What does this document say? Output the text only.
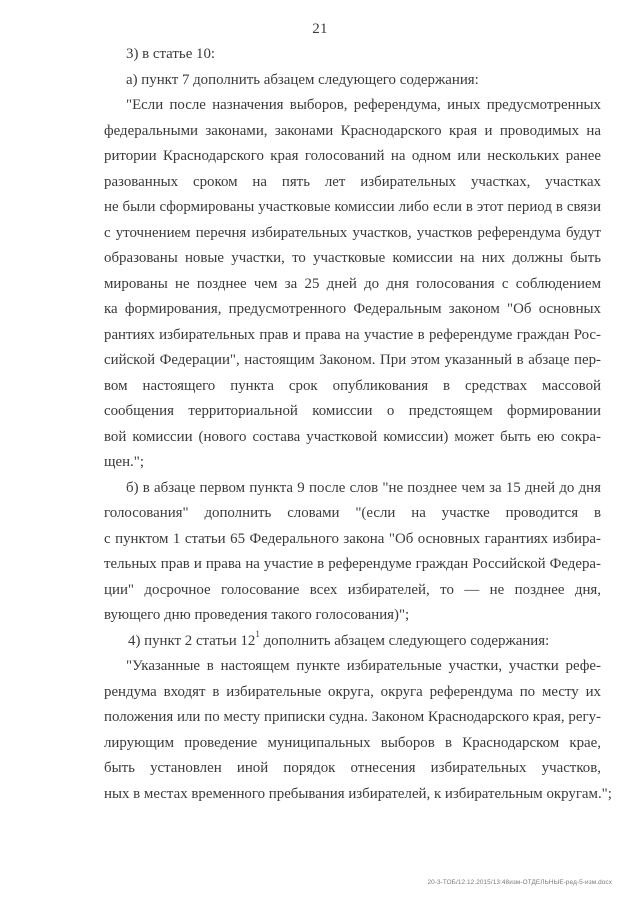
21
3) в статье 10:
а) пункт 7 дополнить абзацем следующего содержания:
"Если после назначения выборов, референдума, иных предусмотренных
федеральными законами, законами Краснодарского края и проводимых на
ритории Краснодарского края голосований на одном или нескольких ранее
разованных сроком на пять лет избирательных участках, участках
не были сформированы участковые комиссии либо если в этот период в связи
с уточнением перечня избирательных участков, участков референдума будут
образованы новые участки, то участковые комиссии на них должны быть
мированы не позднее чем за 25 дней до дня голосования с соблюдением
ка формирования, предусмотренного Федеральным законом "Об основных
рантиях избирательных прав и права на участие в референдуме граждан Рос-
сийской Федерации", настоящим Законом. При этом указанный в абзаце пер-
вом настоящего пункта срок опубликования в средствах массовой
сообщения территориальной комиссии о предстоящем формировании
вой комиссии (нового состава участковой комиссии) может быть ею сокра-
щен.";
б) в абзаце первом пункта 9 после слов "не позднее чем за 15 дней до дня
голосования" дополнить словами "(если на участке проводится в
с пунктом 1 статьи 65 Федерального закона "Об основных гарантиях избира-
тельных прав и права на участие в референдуме граждан Российской Федера-
ции" досрочное голосование всех избирателей, то — не позднее дня,
вующего дню проведения такого голосования)";
4) пункт 2 статьи $12^1$ дополнить абзацем следующего содержания:
"Указанные в настоящем пункте избирательные участки, участки рефе-
рендума входят в избирательные округа, округа референдума по месту их
положения или по месту приписки судна. Законом Краснодарского края, регу-
лирующим проведение муниципальных выборов в Краснодарском крае,
быть установлен иной порядок отнесения избирательных участков,
ных в местах временного пребывания избирателей, к избирательным округам.";
20-3-ТОБ/12.12.2015/13:48изм-ОТДЕЛЬНЫЕ-ред-5-изм.docx
